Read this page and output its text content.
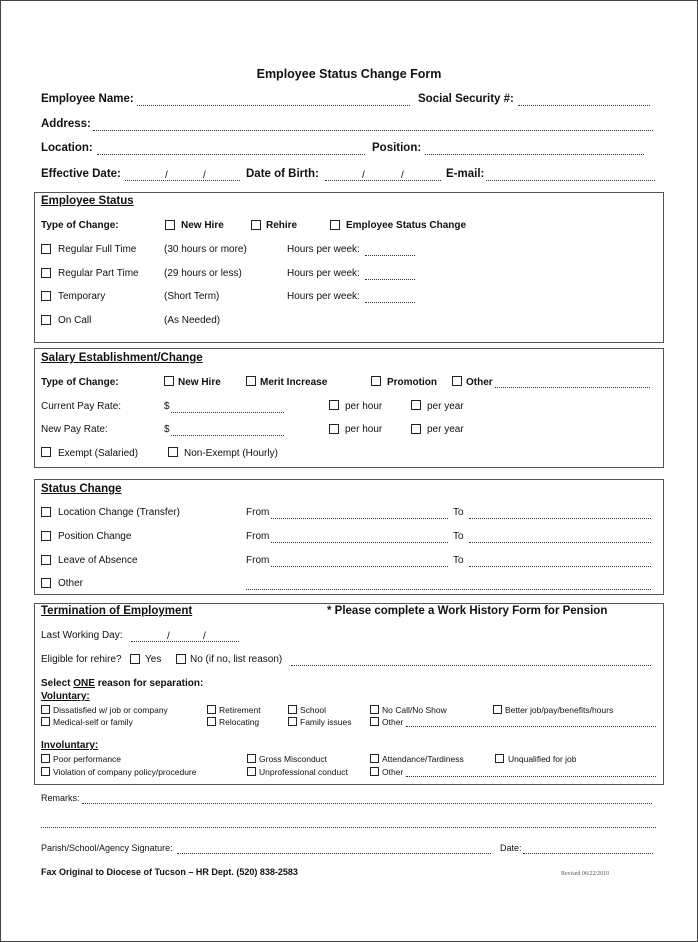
Employee Status Change Form
Employee Name:	Social Security #:
Address:
Location:	Position:
Effective Date:	/	/	Date of Birth:	/	/	E-mail:
Employee Status
Type of Change:	New Hire	Rehire	Employee Status Change
Regular Full Time	(30 hours or more)	Hours per week:
Regular Part Time	(29 hours or less)	Hours per week:
Temporary	(Short Term)	Hours per week:
On Call	(As Needed)
Salary Establishment/Change
Type of Change:	New Hire	Merit Increase	Promotion	Other
Current Pay Rate:	$	per hour	per year
New Pay Rate:	$	per hour	per year
Exempt (Salaried)	Non-Exempt (Hourly)
Status Change
Location Change (Transfer)	From	To
Position Change	From	To
Leave of Absence	From	To
Other
Termination of Employment	* Please complete a Work History Form for Pension
Last Working Day:	/	/
Eligible for rehire? Yes	No (if no, list reason)
Select ONE reason for separation:
Voluntary:
Dissatisfied w/ job or company	Retirement	School	No Call/No Show	Better job/pay/benefits/hours
Medical-self or family	Relocating	Family issues	Other
Involuntary:
Poor performance	Gross Misconduct	Attendance/Tardiness	Unqualified for job
Violation of company policy/procedure	Unprofessional conduct	Other
Remarks:
Parish/School/Agency Signature:	Date:
Fax Original to Diocese of Tucson – HR Dept. (520) 838-2583	Revised 06/22/2010
